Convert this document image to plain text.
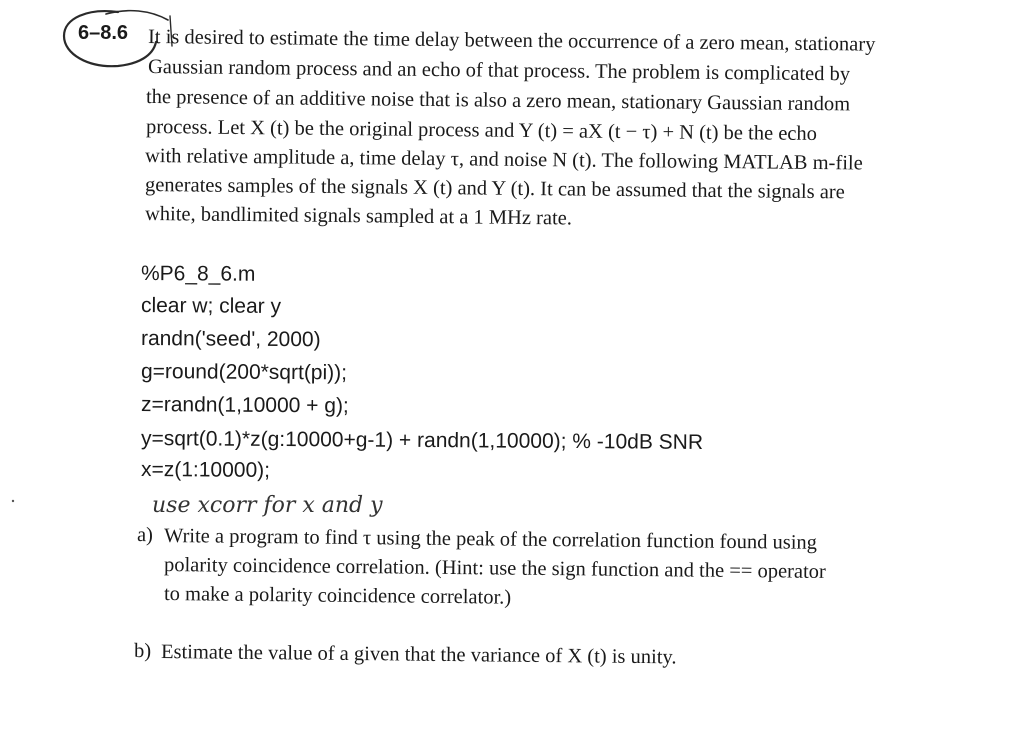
6–8.6 It is desired to estimate the time delay between the occurrence of a zero mean, stationary
Gaussian random process and an echo of that process. The problem is complicated by
the presence of an additive noise that is also a zero mean, stationary Gaussian random
process. Let X (t) be the original process and Y (t) = aX (t − τ) + N (t) be the echo
with relative amplitude a, time delay τ, and noise N (t). The following MATLAB m-file
generates samples of the signals X (t) and Y (t). It can be assumed that the signals are
white, bandlimited signals sampled at a 1 MHz rate.
%P6_8_6.m
clear w; clear y
randn('seed', 2000)
g=round(200*sqrt(pi));
z=randn(1,10000 + g);
y=sqrt(0.1)*z(g:10000+g-1) + randn(1,10000); % -10dB SNR
x=z(1:10000);
use xcorr for x and y
a) Write a program to find τ using the peak of the correlation function found using
polarity coincidence correlation. (Hint: use the sign function and the == operator
to make a polarity coincidence correlator.)
b) Estimate the value of a given that the variance of X (t) is unity.
